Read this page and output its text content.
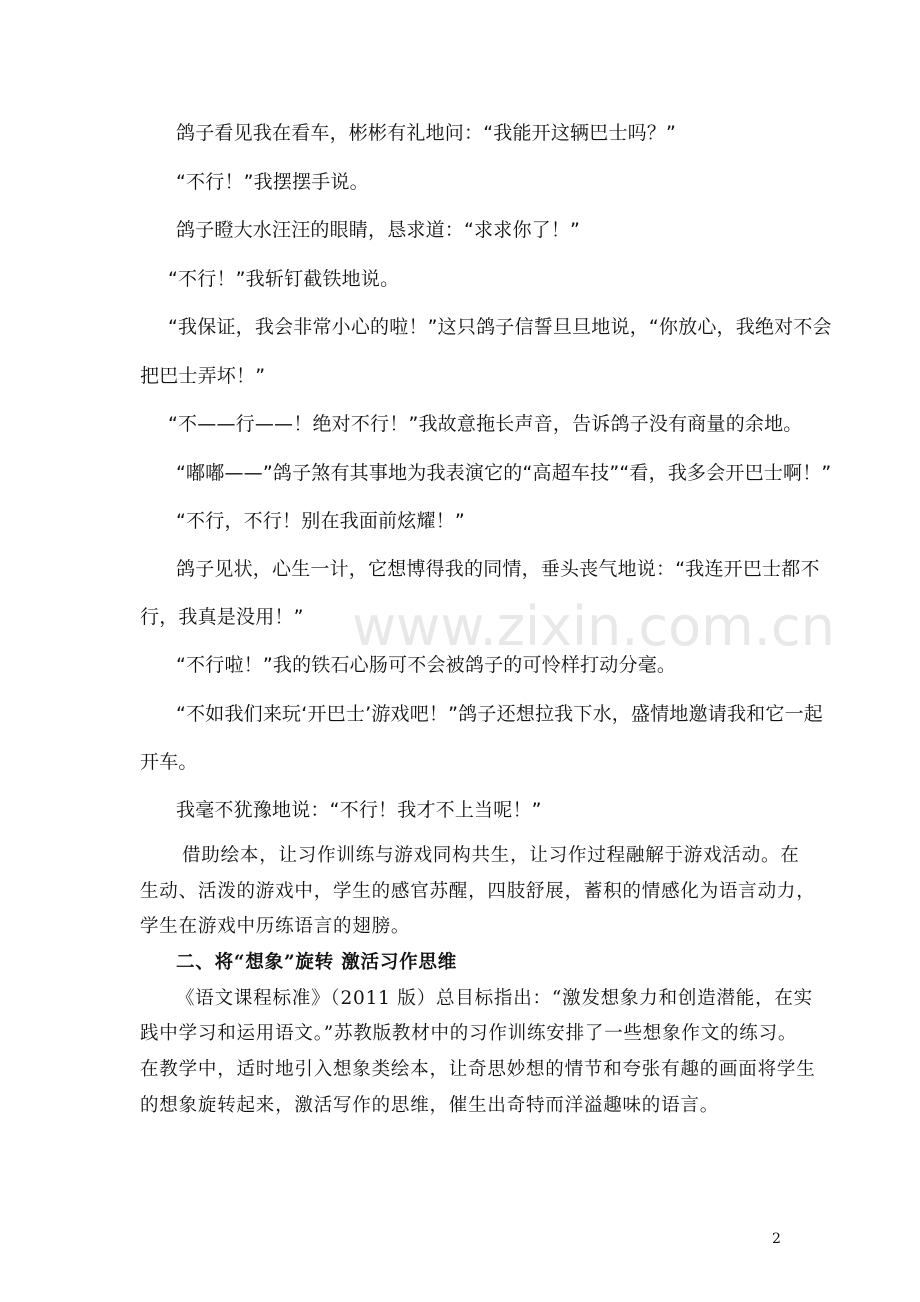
鸽子看见我在看车，彬彬有礼地问：“我能开这辆巴士吗？”

“不行！”我摆摆手说。

鸽子瞪大水汪汪的眼睛，恳求道：“求求你了！”

“不行！”我斩钉截铁地说。

“我保证，我会非常小心的啦！”这只鸽子信誓旦旦地说，“你放心，我绝对不会

把巴士弄坏！”

“不——行——！绝对不行！”我故意拖长声音，告诉鸽子没有商量的余地。

“嘟嘟——”鸽子煞有其事地为我表演它的“高超车技”“看，我多会开巴士啊！”

“不行，不行！别在我面前炫耀！”

鸽子见状，心生一计，它想博得我的同情，垂头丧气地说：“我连开巴士都不

行，我真是没用！”

“不行啦！”我的铁石心肠可不会被鸽子的可怜样打动分毫。

“不如我们来玩‘开巴士’游戏吧！”鸽子还想拉我下水，盛情地邀请我和它一起

开车。

我毫不犹豫地说：“不行！我才不上当呢！”

借助绘本，让习作训练与游戏同构共生，让习作过程融解于游戏活动。在

生动、活泼的游戏中，学生的感官苏醒，四肢舒展，蓄积的情感化为语言动力，

学生在游戏中历练语言的翅膀。

二、将“想象”旋转 激活习作思维

《语文课程标准》（2011 版）总目标指出：“激发想象力和创造潜能，在实

践中学习和运用语文。”苏教版教材中的习作训练安排了一些想象作文的练习。

在教学中，适时地引入想象类绘本，让奇思妙想的情节和夸张有趣的画面将学生

的想象旋转起来，激活写作的思维，催生出奇特而洋溢趣味的语言。

www.zixin.com.cn
2
